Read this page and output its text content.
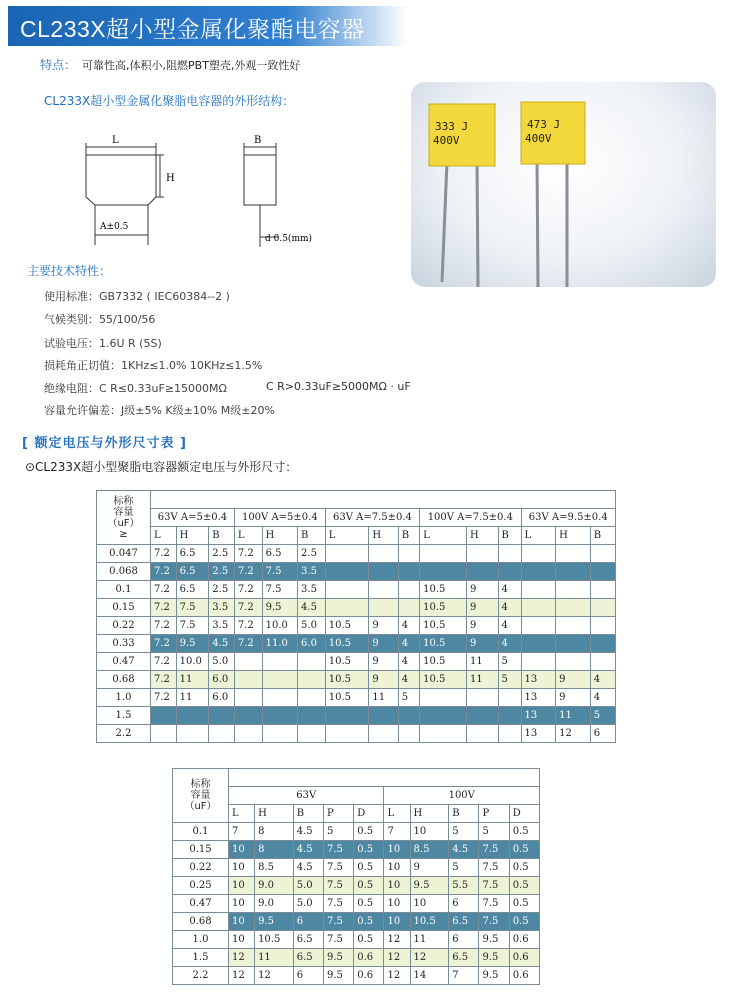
CL233X超小型金属化聚酯电容器
特点： 可靠性高,体积小,阻燃PBT塑壳,外观一致性好
CL233X超小型金属化聚脂电容器的外形结构：
L
H
B
A±0.5
d 0.5(mm)
333 J
400V
473 J
400V
主要技术特性：
使用标准：GB7332 ( IEC60384--2 )
气候类别：55/100/56
试验电压：1.6U R (5S)
损耗角正切值：1KHz≤1.0% 10KHz≤1.5%
绝缘电阻：C R≤0.33uF≥15000MΩ	C R>0.33uF≥5000MΩ · uF
容量允许偏差：J级±5% K级±10% M级±20%
[ 额定电压与外形尺寸表 ]
⊙CL233X超小型聚脂电容器额定电压与外形尺寸：
标称
容量
（uF）
≥	CL233X型：														
	63V A=5±0.4			100V A=5±0.4			63V A=7.5±0.4			100V A=7.5±0.4			63V A=9.5±0.4		
	L	H	B	L	H	B	L	H	B	L	H	B	L	H	B
0.047	7.2	6.5	2.5	7.2	6.5	2.5									
0.068	7.2	6.5	2.5	7.2	7.5	3.5									
0.1	7.2	6.5	2.5	7.2	7.5	3.5				10.5	9	4			
0.15	7.2	7.5	3.5	7.2	9.5	4.5				10.5	9	4			
0.22	7.2	7.5	3.5	7.2	10.0	5.0	10.5	9	4	10.5	9	4			
0.33	7.2	9.5	4.5	7.2	11.0	6.0	10.5	9	4	10.5	9	4			
0.47	7.2	10.0	5.0				10.5	9	4	10.5	11	5			
0.68	7.2	11	6.0				10.5	9	4	10.5	11	5	13	9	4
1.0	7.2	11	6.0				10.5	11	5				13	9	4
1.5													13	11	5
2.2													13	12	6
标称
容量
（uF）	CL233X型：									
	63V					100V				
	L	H	B	P	D	L	H	B	P	D
0.1	7	8	4.5	5	0.5	7	10	5	5	0.5
0.15	10	8	4.5	7.5	0.5	10	8.5	4.5	7.5	0.5
0.22	10	8.5	4.5	7.5	0.5	10	9	5	7.5	0.5
0.25	10	9.0	5.0	7.5	0.5	10	9.5	5.5	7.5	0.5
0.47	10	9.0	5.0	7.5	0.5	10	10	6	7.5	0.5
0.68	10	9.5	6	7.5	0.5	10	10.5	6.5	7.5	0.5
1.0	10	10.5	6.5	7.5	0.5	12	11	6	9.5	0.6
1.5	12	11	6.5	9.5	0.6	12	12	6.5	9.5	0.6
2.2	12	12	6	9.5	0.6	12	14	7	9.5	0.6
